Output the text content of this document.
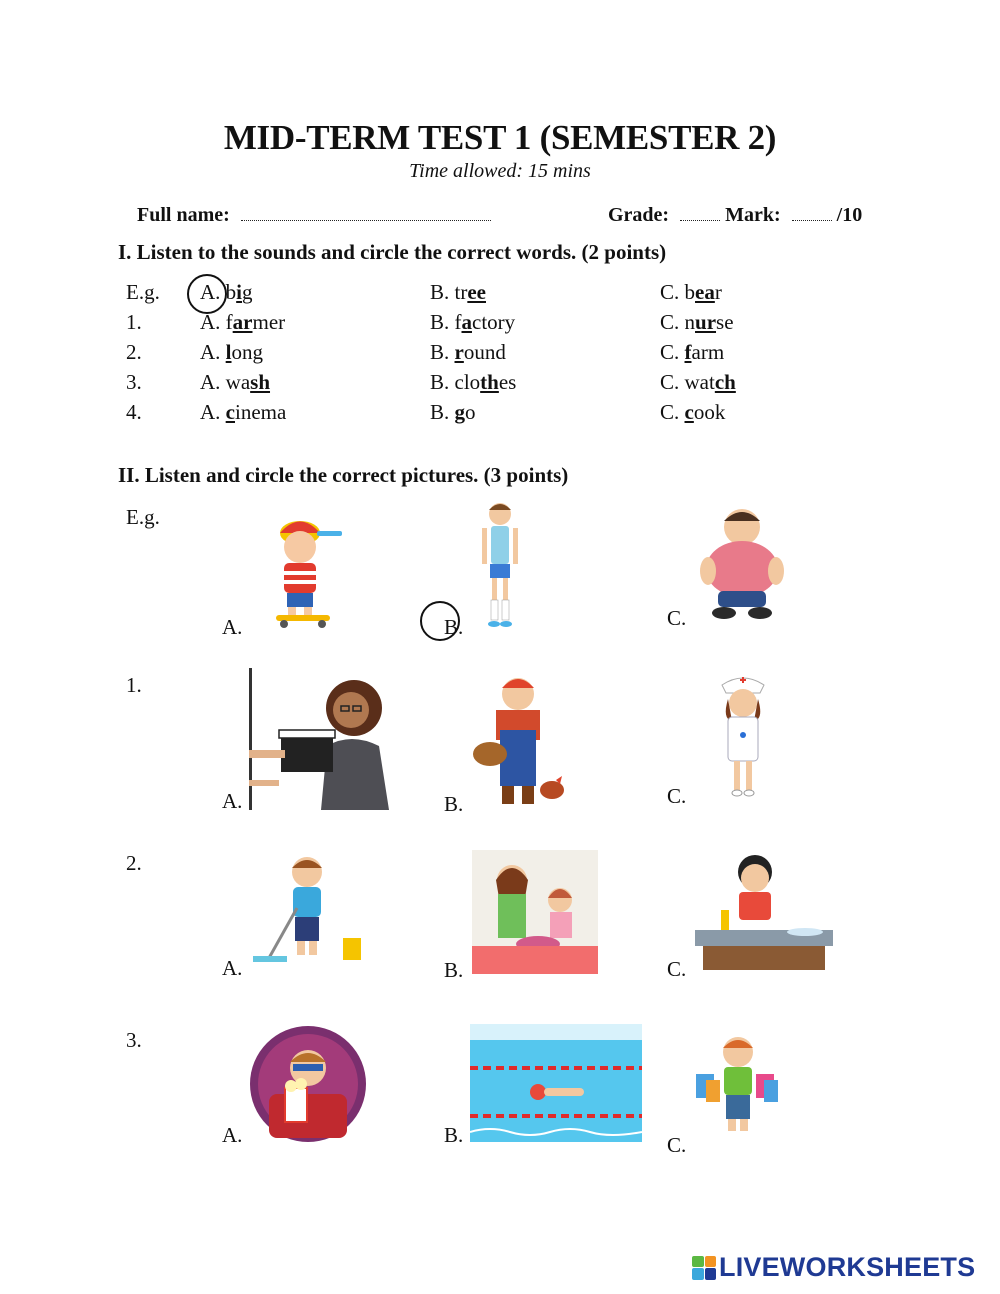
MID-TERM TEST 1 (SEMESTER 2)
Time allowed: 15 mins
Full name:	Grade:	Mark:	/10
I. Listen to the sounds and circle the correct words. (2 points)
E.g. A. big	B. tree	C. bear
1.	A. farmer	B. factory	C. nurse
2.	A. long	B. round	C. farm
3.	A. wash	B. clothes	C. watch
4.	A. cinema	B. go	C. cook
II. Listen and circle the correct pictures. (3 points)
E.g.
1.
2.
3.
A.	B.	C.
A.	B.	C.
A.	B.	C.
A.	B.	C.
LIVEWORKSHEETS
